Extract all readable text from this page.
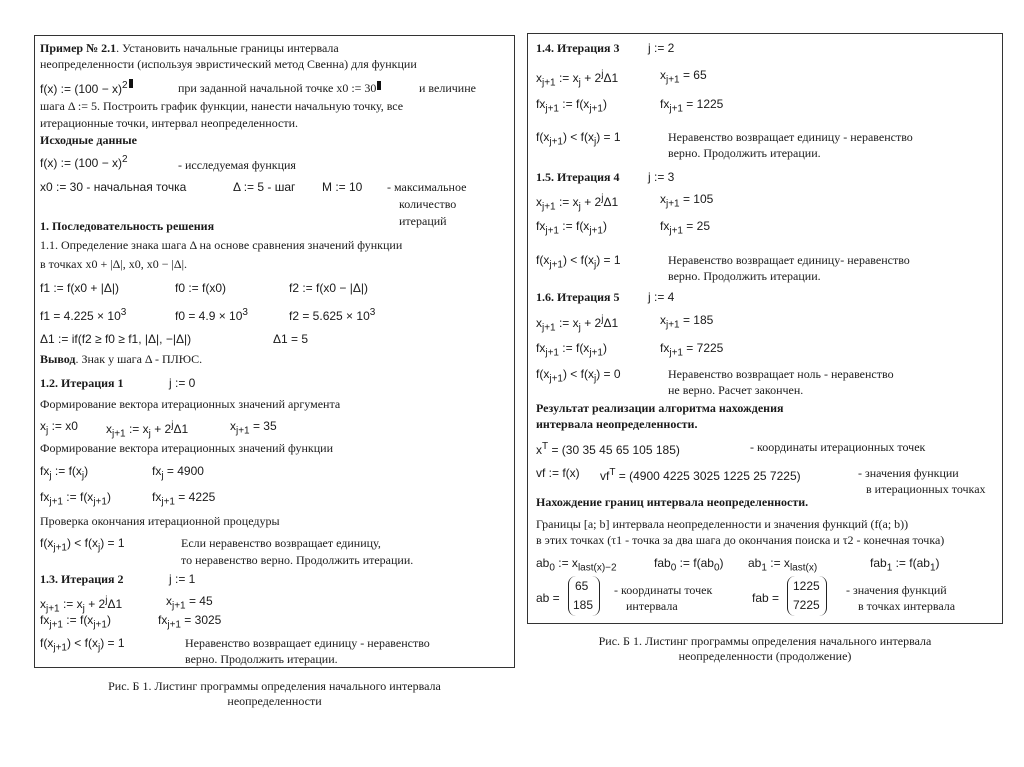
Пример № 2.1. Установить начальные границы интервала
неопределенности (используя эвристический метод Свенна) для функции
f(x) := $(100 - x)^2$	при заданной начальной точке x0 := 30	и величине
шага Δ := 5. Построить график функции, нанести начальную точку, все
итерационные точки, интервал неопределенности.
Исходные данные
f(x) := $(100 - x)^2$	- исследуемая функция
x0 := 30 - начальная точка	Δ := 5 - шаг M := 10 - максимальное
количество
итераций
1. Последовательность решения
1.1. Определение знака шага Δ на основе сравнения значений функции
в точках x0 + |Δ|, x0, x0 − |Δ|.
f1 := f(x0 + |Δ|)	f0 := f(x0)	f2 := f(x0 − |Δ|)
$f1 = 4.225 \times 10^3$	$f0 = 4.9 \times 10^3$	$f2 = 5.625 \times 10^3$
Δ1 := if(f2 ≥ f0 ≥ f1, |Δ|, −|Δ|)	Δ1 = 5
Вывод. Знак у шага Δ - ПЛЮС.
1.2. Итерация 1	j := 0
Формирование вектора итерационных значений аргумента
$x_j$ := x0 $x_{j+1}$ := $x_j + 2^j\Delta 1$	$x_{j+1} = 35$
Формирование вектора итерационных значений функции
$fx_j$ := $f(x_j)$	$fx_j = 4900$
$fx_{j+1}$ := $f(x_{j+1})$	$fx_{j+1} = 4225$
Проверка окончания итерационной процедуры
$f(x_{j+1}) < f(x_j) = 1$	Если неравенство возвращает единицу,
то неравенство верно. Продолжить итерации.
1.3. Итерация 2	j := 1
$x_{j+1}$ := $x_j + 2^j\Delta 1$	$x_{j+1} = 45$
$fx_{j+1}$ := $f(x_{j+1})$	$fx_{j+1} = 3025$
$f(x_{j+1}) < f(x_j) = 1$	Неравенство возвращает единицу - неравенство
верно. Продолжить итерации.
Рис. Б 1. Листинг программы определения начального интервала
неопределенности
1.4. Итерация 3 j := 2
$x_{j+1}$ := $x_j + 2^j\Delta 1$	$x_{j+1} = 65$
$fx_{j+1}$ := $f(x_{j+1})$	$fx_{j+1} = 1225$
$f(x_{j+1}) < f(x_j) = 1$	Неравенство возвращает единицу - неравенство
верно. Продолжить итерации.
1.5. Итерация 4 j := 3
$x_{j+1}$ := $x_j + 2^j\Delta 1$	$x_{j+1} = 105$
$fx_{j+1}$ := $f(x_{j+1})$	$fx_{j+1} = 25$
$f(x_{j+1}) < f(x_j) = 1$	Неравенство возвращает единицу- неравенство
верно. Продолжить итерации.
1.6. Итерация 5 j := 4
$x_{j+1}$ := $x_j + 2^j\Delta 1$	$x_{j+1} = 185$
$fx_{j+1}$ := $f(x_{j+1})$	$fx_{j+1} = 7225$
$f(x_{j+1}) < f(x_j) = 0$	Неравенство возвращает ноль - неравенство
не верно. Расчет закончен.
Результат реализации алгоритма нахождения
интервала неопределенности.
$x^T = (30$ 35 45 65 105 185)	- координаты итерационных точек
vf := f(x) $vf^T = (4900$ 4225 3025 1225 25 7225)	- значения функции
в итерационных точках
Нахождение границ интервала неопределенности.
Границы [a; b] интервала неопределенности и значения функций (f(a; b))
в этих точках (τ1 - точка за два шага до окончания поиска и τ2 - конечная точка)
$ab_0$ := $x_{last(x)-2}$	fab$_0$ := $f(ab_0)$ $ab_1$ := $x_{last(x)}$	fab$_1$ := $f(ab_1)$
ab =
65
185
- координаты точек
интервала
fab =
1225
7225
- значения функций
в точках интервала
Рис. Б 1. Листинг программы определения начального интервала
неопределенности (продолжение)
